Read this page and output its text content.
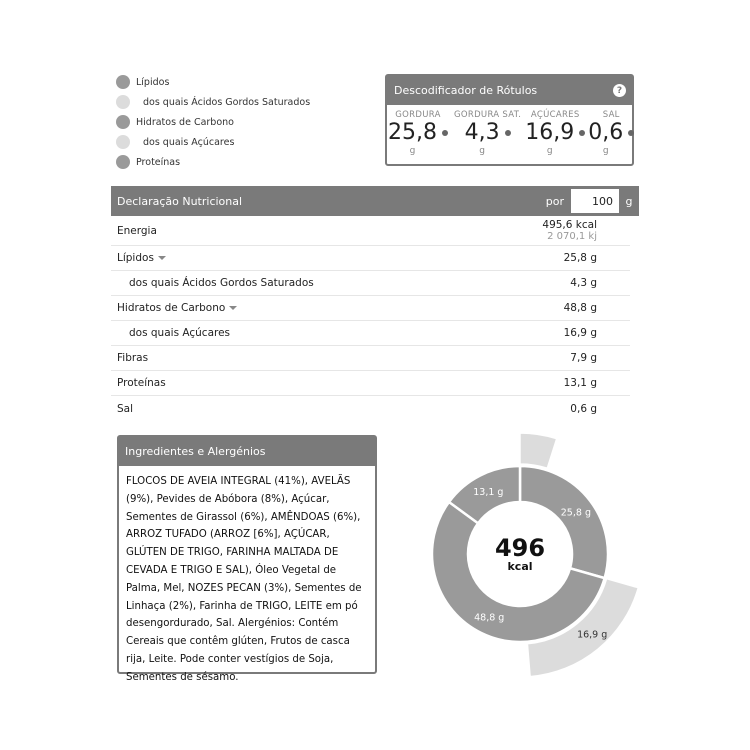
Lípidos
dos quais Ácidos Gordos Saturados
Hidratos de Carbono
dos quais Açúcares
Proteínas
Descodificador de Rótulos	?
GORDURA
25,8
g
GORDURA SAT.
4,3
g
AÇÚCARES
16,9
g
SAL
0,6
g
Declaração Nutricional	por
100	g
Energia	495,6 kcal
2 070,1 kj
Lípidos	25,8 g
dos quais Ácidos Gordos Saturados	4,3 g
Hidratos de Carbono	48,8 g
dos quais Açúcares	16,9 g
Fibras	7,9 g
Proteínas	13,1 g
Sal	0,6 g
Ingredientes e Alergénios
FLOCOS DE AVEIA INTEGRAL (41%), AVELÃS (9%), Pevides de Abóbora (8%), Açúcar, Sementes de Girassol (6%), AMÊNDOAS (6%), ARROZ TUFADO (ARROZ [6%], AÇÚCAR, GLÚTEN DE TRIGO, FARINHA MALTADA DE CEVADA E TRIGO E SAL), Óleo Vegetal de Palma, Mel, NOZES PECAN (3%), Sementes de Linhaça (2%), Farinha de TRIGO, LEITE em pó desengordurado, Sal. Alergénios: Contém Cereais que contêm glúten, Frutos de casca rija, Leite. Pode conter vestígios de Soja, Sementes de sésamo.
25,8 g
48,8 g
13,1 g
16,9 g
496
kcal
